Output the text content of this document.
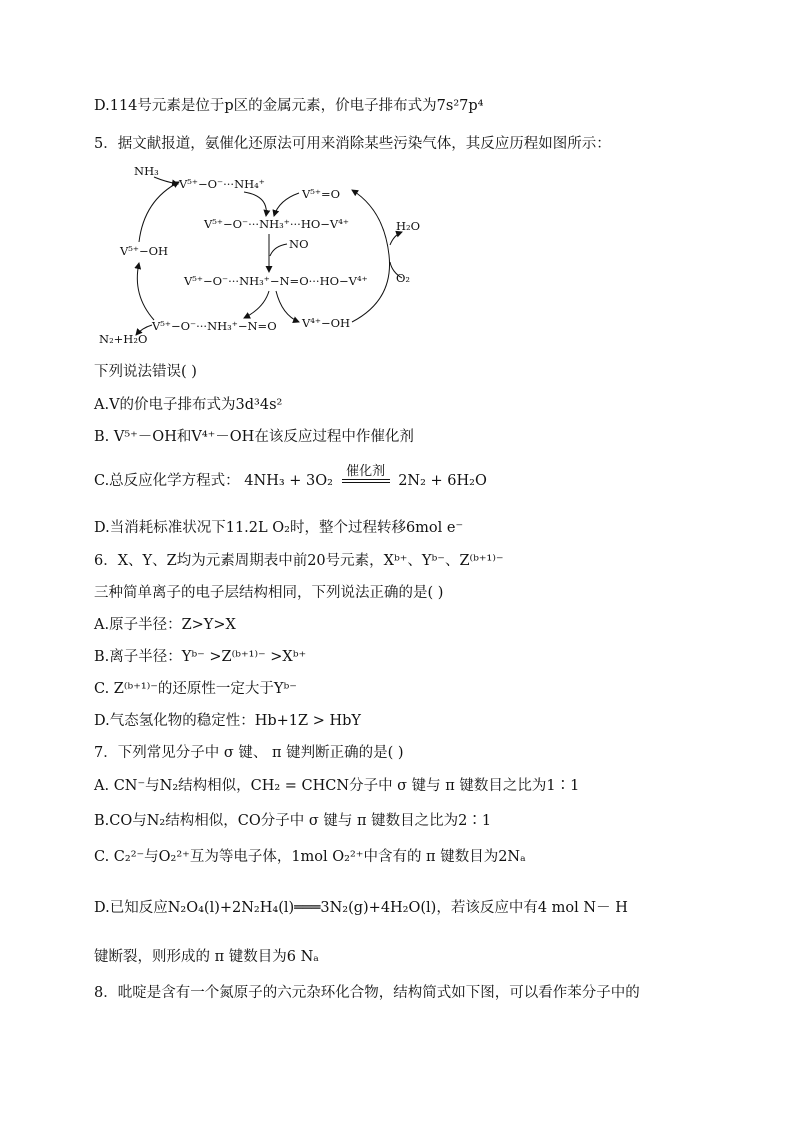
D.114号元素是位于p区的金属元素，价电子排布式为7s²7p⁴
5．据文献报道，氨催化还原法可用来消除某些污染气体，其反应历程如图所示：
NH₃
V⁵⁺−O⁻···NH₄⁺
V⁵⁺=O
V⁵⁺−O⁻···NH₃⁺···HO−V⁴⁺
NO
H₂O
V⁵⁺−OH
O₂
V⁵⁺−O⁻···NH₃⁺−N=O···HO−V⁴⁺
V⁴⁺−OH
V⁵⁺−O⁻···NH₃⁺−N=O
N₂+H₂O
下列说法错误( )
A.V的价电子排布式为3d³4s²
B. V⁵⁺－OH和V⁴⁺－OH在该反应过程中作催化剂
C.总反应化学方程式： 4NH₃ + 3O₂
催化剂
2N₂ + 6H₂O
D.当消耗标准状况下11.2L O₂时，整个过程转移6mol e⁻
6．X、Y、Z均为元素周期表中前20号元素，Xᵇ⁺、Yᵇ⁻、Z⁽ᵇ⁺¹⁾⁻
三种简单离子的电子层结构相同，下列说法正确的是( )
A.原子半径：Z>Y>X
B.离子半径：Yᵇ⁻ >Z⁽ᵇ⁺¹⁾⁻ >Xᵇ⁺
C. Z⁽ᵇ⁺¹⁾⁻的还原性一定大于Yᵇ⁻
D.气态氢化物的稳定性：Hb+1Z > HbY
7．下列常见分子中 σ 键、 π 键判断正确的是( )
A. CN⁻与N₂结构相似，CH₂ = CHCN分子中 σ 键与 π 键数目之比为1∶1
B.CO与N₂结构相似，CO分子中 σ 键与 π 键数目之比为2∶1
C. C₂²⁻与O₂²⁺互为等电子体，1mol O₂²⁺中含有的 π 键数目为2Nₐ
D.已知反应N₂O₄(l)+2N₂H₄(l)═══3N₂(g)+4H₂O(l)，若该反应中有4 mol N－ H
键断裂，则形成的 π 键数目为6 Nₐ
8．吡啶是含有一个氮原子的六元杂环化合物，结构简式如下图，可以看作苯分子中的
